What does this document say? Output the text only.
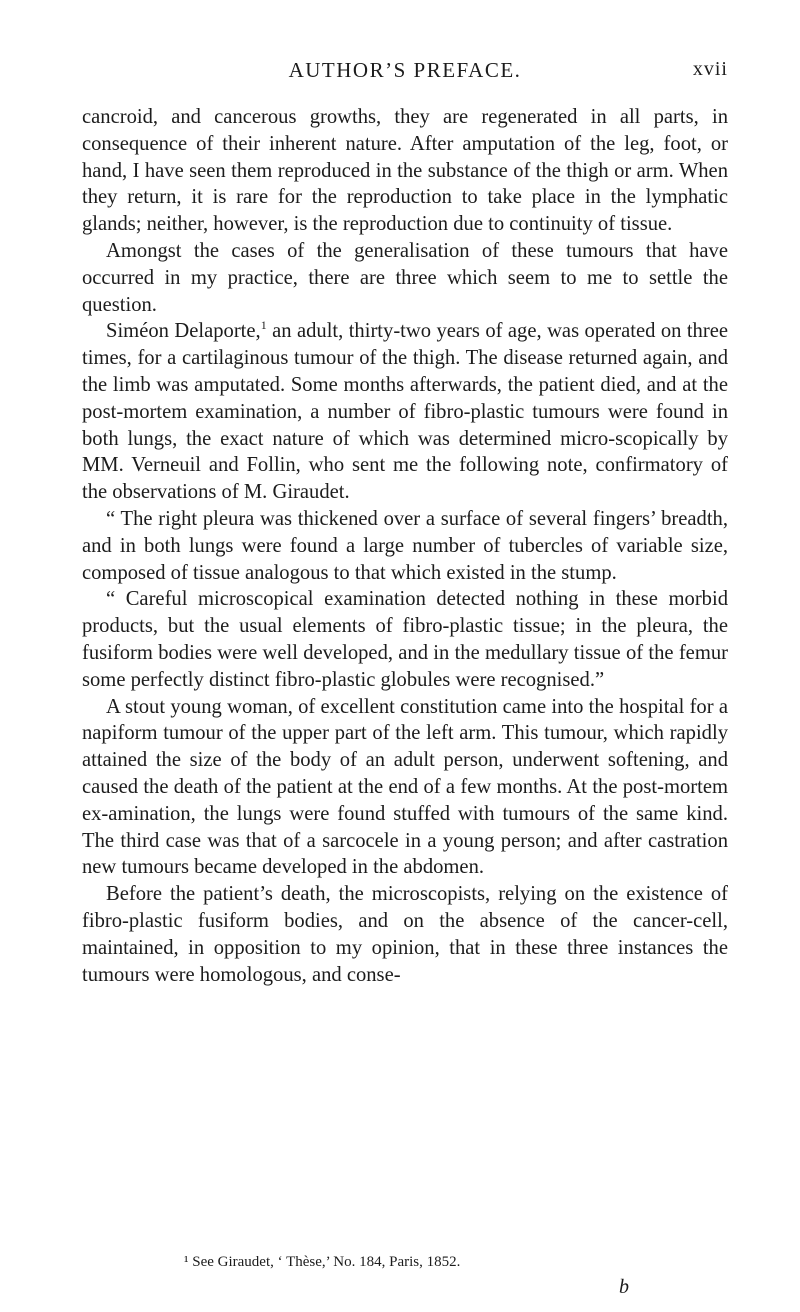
AUTHOR’S PREFACE.	xvii

cancroid, and cancerous growths, they are regenerated in all parts, in consequence of their inherent nature. After amputation of the leg, foot, or hand, I have seen them reproduced in the substance of the thigh or arm. When they return, it is rare for the reproduction to take place in the lymphatic glands; neither, however, is the reproduction due to continuity of tissue.

Amongst the cases of the generalisation of these tumours that have occurred in my practice, there are three which seem to me to settle the question.

Siméon Delaporte,$^1$ an adult, thirty-two years of age, was operated on three times, for a cartilaginous tumour of the thigh. The disease returned again, and the limb was amputated. Some months afterwards, the patient died, and at the post-mortem examination, a number of fibro-plastic tumours were found in both lungs, the exact nature of which was determined micro-scopically by MM. Verneuil and Follin, who sent me the following note, confirmatory of the observations of M. Giraudet.

“ The right pleura was thickened over a surface of several fingers’ breadth, and in both lungs were found a large number of tubercles of variable size, composed of tissue analogous to that which existed in the stump.

“ Careful microscopical examination detected nothing in these morbid products, but the usual elements of fibro-plastic tissue; in the pleura, the fusiform bodies were well developed, and in the medullary tissue of the femur some perfectly distinct fibro-plastic globules were recognised.”

A stout young woman, of excellent constitution came into the hospital for a napiform tumour of the upper part of the left arm. This tumour, which rapidly attained the size of the body of an adult person, underwent softening, and caused the death of the patient at the end of a few months. At the post-mortem ex-amination, the lungs were found stuffed with tumours of the same kind. The third case was that of a sarcocele in a young person; and after castration new tumours became developed in the abdomen.

Before the patient’s death, the microscopists, relying on the existence of fibro-plastic fusiform bodies, and on the absence of the cancer-cell, maintained, in opposition to my opinion, that in these three instances the tumours were homologous, and conse-

¹ See Giraudet, ‘ Thèse,’ No. 184, Paris, 1852.
b
